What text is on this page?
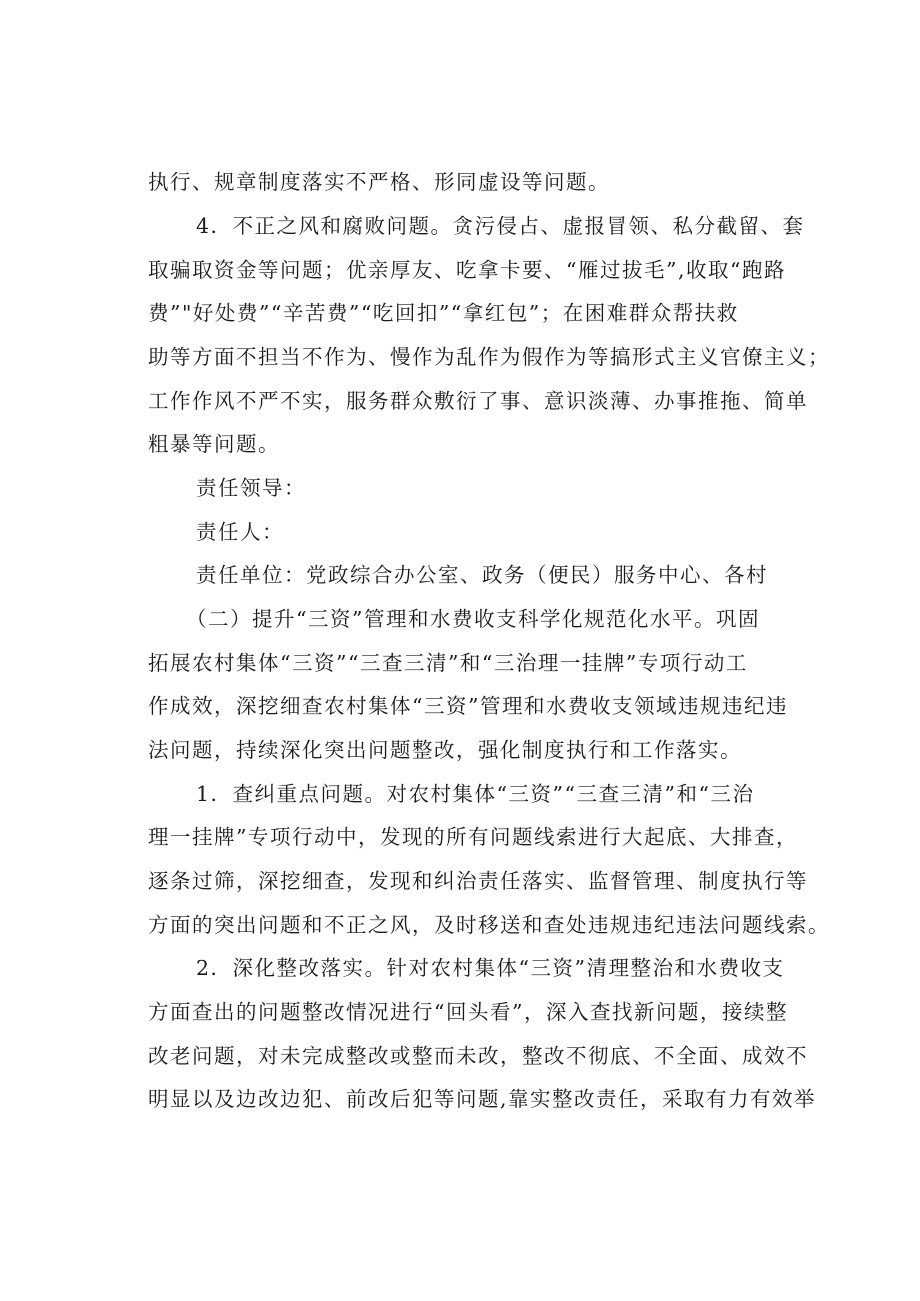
执行、规章制度落实不严格、形同虚设等问题。
4．不正之风和腐败问题。贪污侵占、虚报冒领、私分截留、套
取骗取资金等问题；优亲厚友、吃拿卡要、“雁过拔毛”,收取“跑路
费”"好处费”“辛苦费”“吃回扣”“拿红包”；在困难群众帮扶救
助等方面不担当不作为、慢作为乱作为假作为等搞形式主义官僚主义；
工作作风不严不实，服务群众敷衍了事、意识淡薄、办事推拖、简单
粗暴等问题。
责任领导：
责任人：
责任单位：党政综合办公室、政务（便民）服务中心、各村
（二）提升“三资”管理和水费收支科学化规范化水平。巩固
拓展农村集体“三资”“三查三清”和“三治理一挂牌”专项行动工
作成效，深挖细查农村集体“三资”管理和水费收支领域违规违纪违
法问题，持续深化突出问题整改，强化制度执行和工作落实。
1．查纠重点问题。对农村集体“三资”“三查三清”和“三治
理一挂牌”专项行动中，发现的所有问题线索进行大起底、大排查，
逐条过筛，深挖细查，发现和纠治责任落实、监督管理、制度执行等
方面的突出问题和不正之风，及时移送和查处违规违纪违法问题线索。
2．深化整改落实。针对农村集体“三资”清理整治和水费收支
方面查出的问题整改情况进行“回头看”，深入查找新问题，接续整
改老问题，对未完成整改或整而未改，整改不彻底、不全面、成效不
明显以及边改边犯、前改后犯等问题,靠实整改责任，采取有力有效举
